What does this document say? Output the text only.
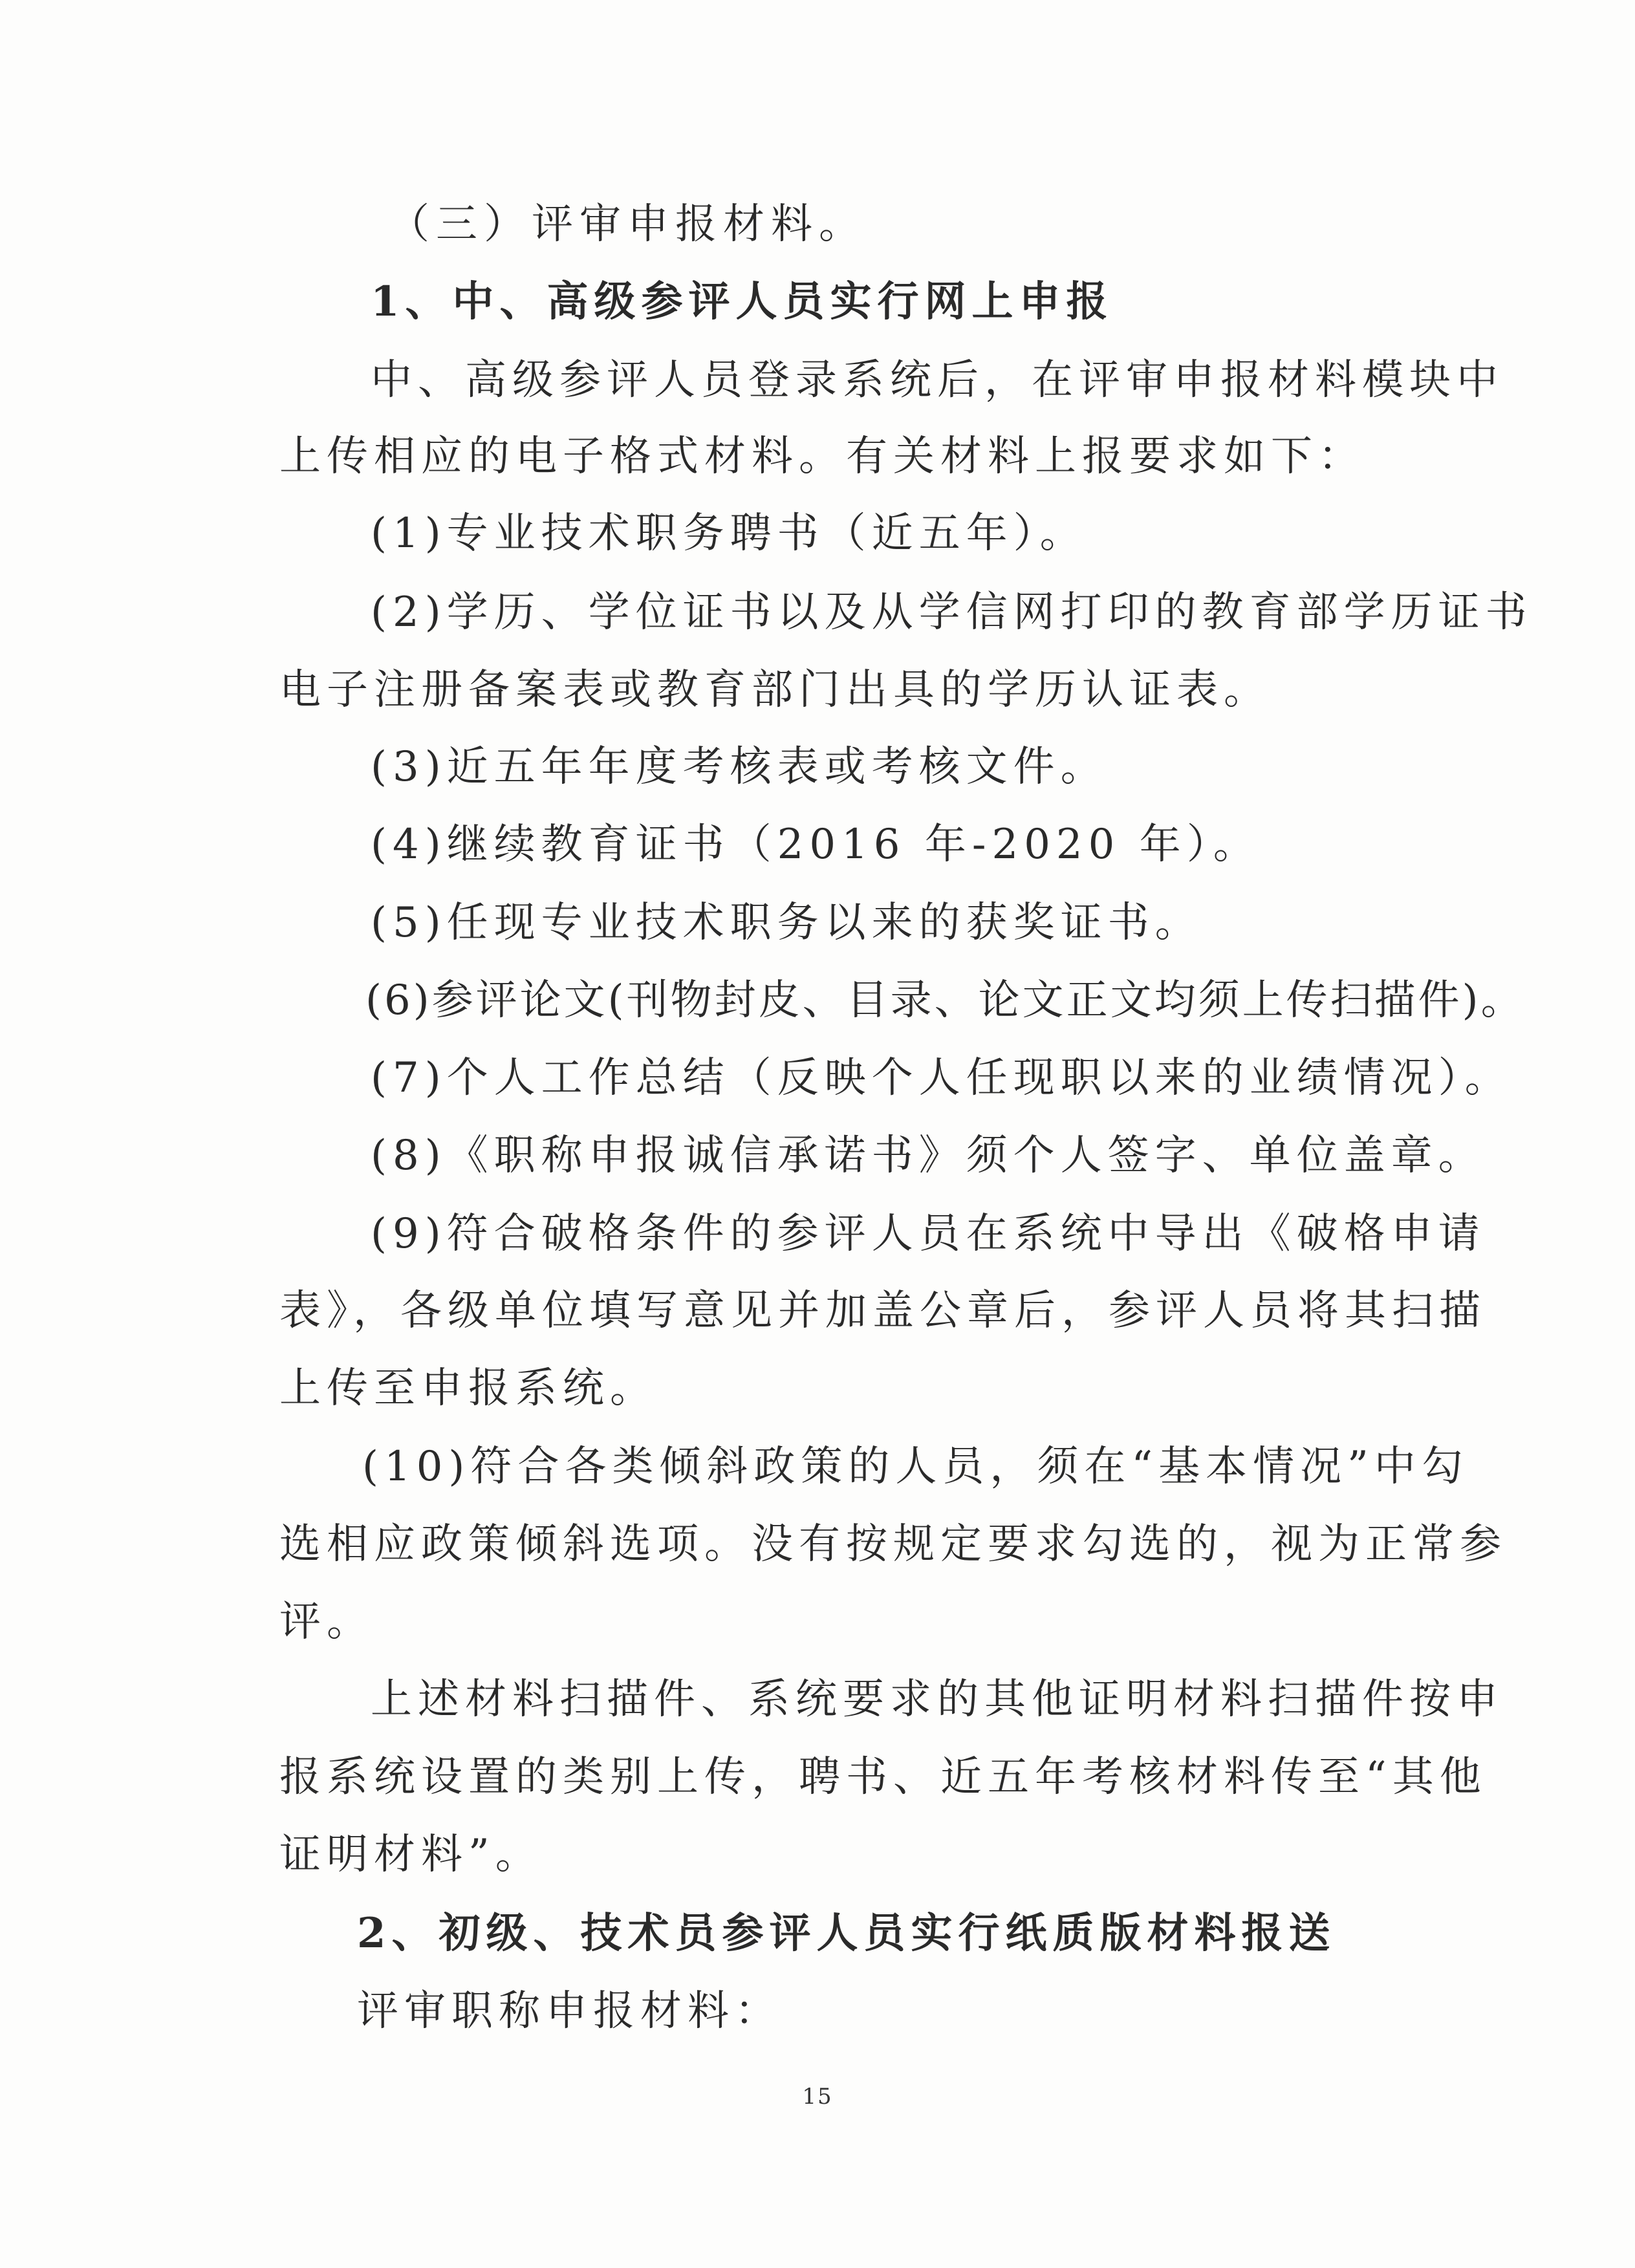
（三）评审申报材料。
1、中、高级参评人员实行网上申报
中、高级参评人员登录系统后，在评审申报材料模块中
上传相应的电子格式材料。有关材料上报要求如下：
(1)专业技术职务聘书（近五年）。
(2)学历、学位证书以及从学信网打印的教育部学历证书
电子注册备案表或教育部门出具的学历认证表。
(3)近五年年度考核表或考核文件。
(4)继续教育证书（2016 年-2020 年）。
(5)任现专业技术职务以来的获奖证书。
(6)参评论文(刊物封皮、目录、论文正文均须上传扫描件)。
(7)个人工作总结（反映个人任现职以来的业绩情况）。
(8)《职称申报诚信承诺书》须个人签字、单位盖章。
(9)符合破格条件的参评人员在系统中导出《破格申请
表》，各级单位填写意见并加盖公章后，参评人员将其扫描
上传至申报系统。
(10)符合各类倾斜政策的人员，须在“基本情况”中勾
选相应政策倾斜选项。没有按规定要求勾选的，视为正常参
评。
上述材料扫描件、系统要求的其他证明材料扫描件按申
报系统设置的类别上传，聘书、近五年考核材料传至“其他
证明材料”。
2、初级、技术员参评人员实行纸质版材料报送
评审职称申报材料：
15
